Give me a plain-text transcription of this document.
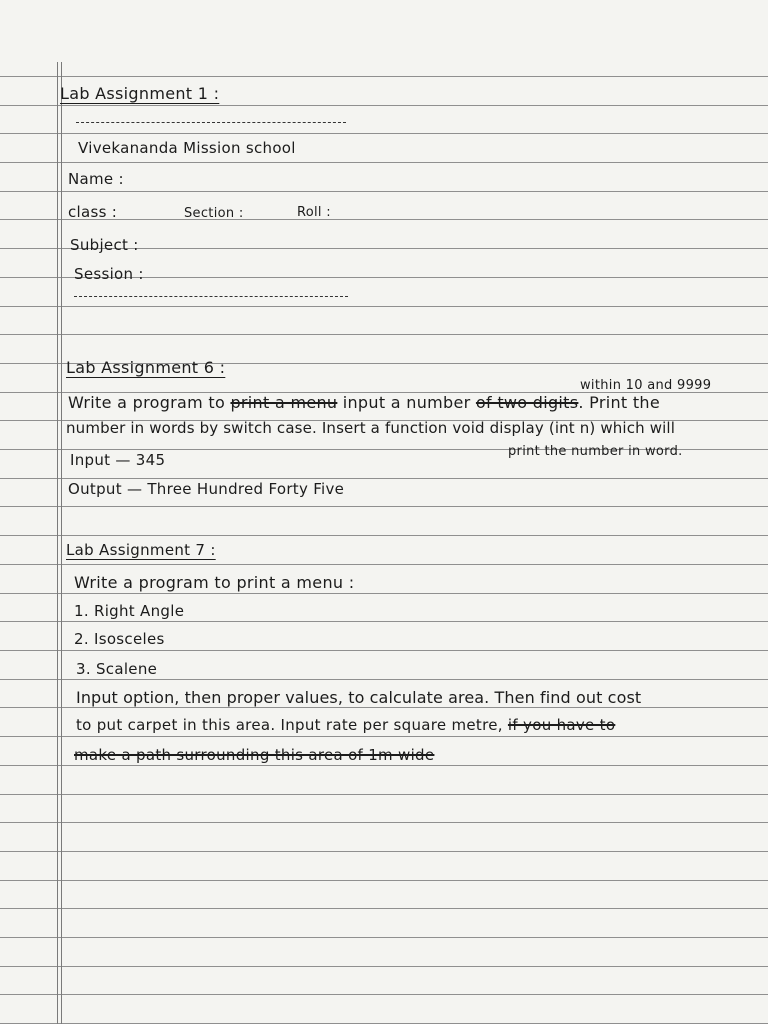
Lab Assignment 1 :
Vivekananda Mission school
Name :
class :	Section :	Roll :
Subject :
Session :
Lab Assignment 6 :
within 10 and 9999
Write a program to print a menu input a number of two digits. Print the
number in words by switch case. Insert a function void display (int n) which will
print the number in word.
Input — 345
Output — Three Hundred Forty Five
Lab Assignment 7 :
Write a program to print a menu :
1. Right Angle
2. Isosceles
3. Scalene
Input option, then proper values, to calculate area. Then find out cost
to put carpet in this area. Input rate per square metre, if you have to
make a path surrounding this area of 1m wide
